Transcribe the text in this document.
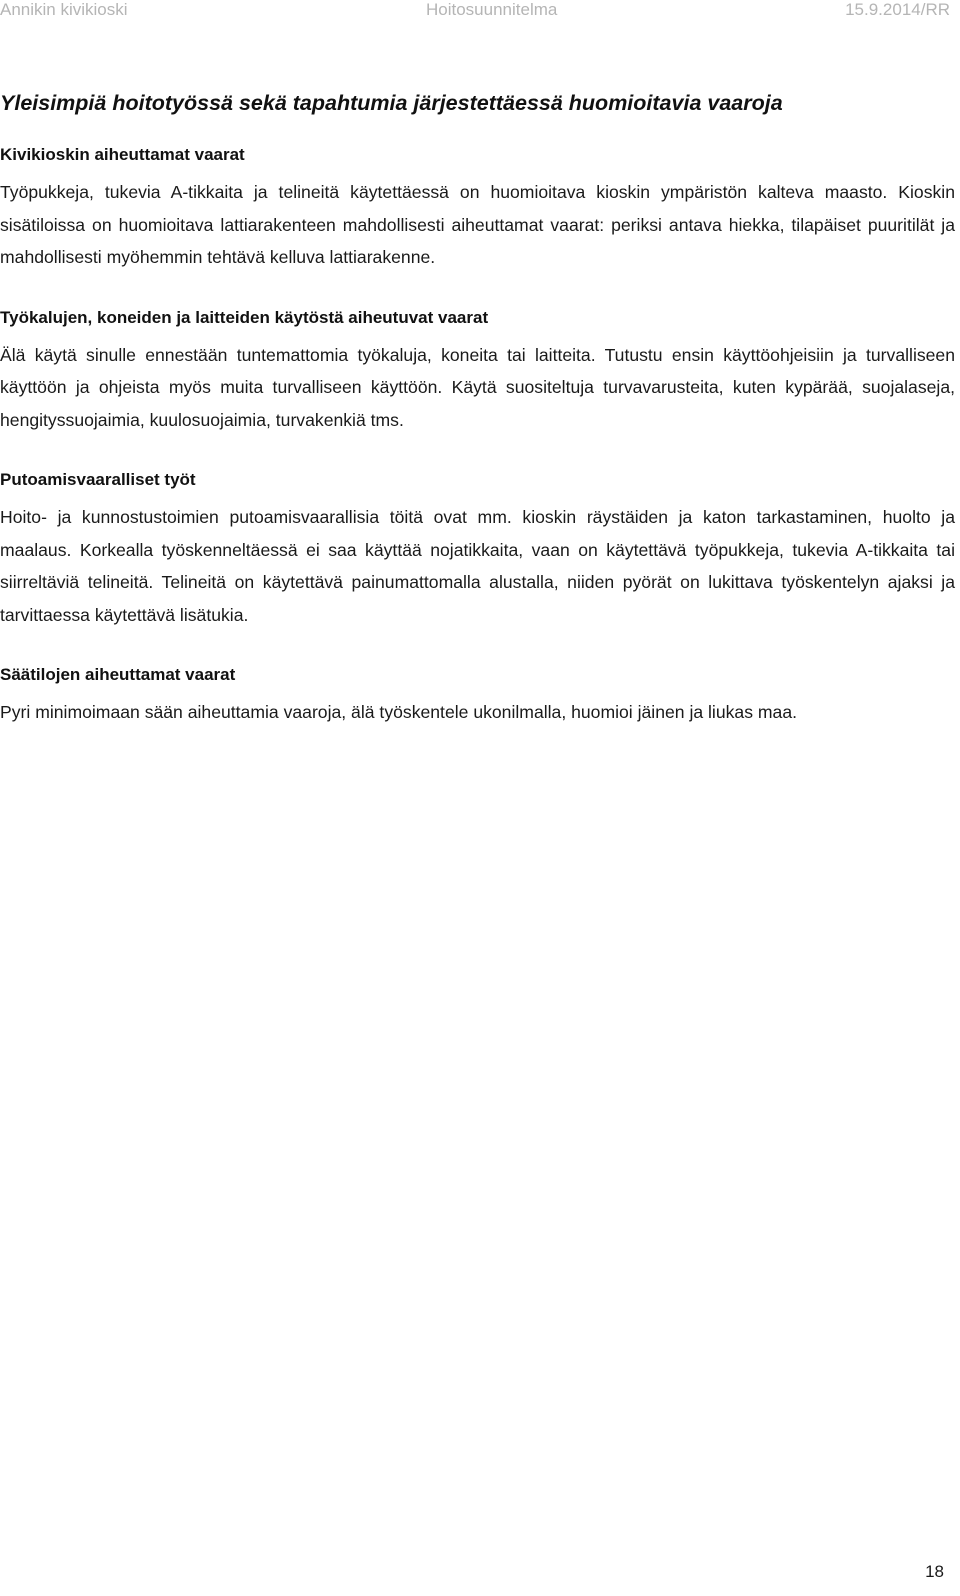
Annikin kivikioski	Hoitosuunnitelma	15.9.2014/RR
Yleisimpiä hoitotyössä sekä tapahtumia järjestettäessä huomioitavia vaaroja
Kivikioskin aiheuttamat vaarat

Työpukkeja, tukevia A-tikkaita ja telineitä käytettäessä on huomioitava kioskin ympäristön kalteva maasto. Kioskin sisätiloissa on huomioitava lattiarakenteen mahdollisesti aiheuttamat vaarat: periksi antava hiekka, tilapäiset puuritilät ja mahdollisesti myöhemmin tehtävä kelluva lattiarakenne.

Työkalujen, koneiden ja laitteiden käytöstä aiheutuvat vaarat

Älä käytä sinulle ennestään tuntemattomia työkaluja, koneita tai laitteita. Tutustu ensin käyttöohjeisiin ja turvalliseen käyttöön ja ohjeista myös muita turvalliseen käyttöön. Käytä suositeltuja turvavarusteita, kuten kypärää, suojalaseja, hengityssuojaimia, kuulosuojaimia, turvakenkiä tms.

Putoamisvaaralliset työt

Hoito- ja kunnostustoimien putoamisvaarallisia töitä ovat mm. kioskin räystäiden ja katon tarkastaminen, huolto ja maalaus. Korkealla työskenneltäessä ei saa käyttää nojatikkaita, vaan on käytettävä työpukkeja, tukevia A-tikkaita tai siirreltäviä telineitä. Telineitä on käytettävä painumattomalla alustalla, niiden pyörät on lukittava työskentelyn ajaksi ja tarvittaessa käytettävä lisätukia.

Säätilojen aiheuttamat vaarat

Pyri minimoimaan sään aiheuttamia vaaroja, älä työskentele ukonilmalla, huomioi jäinen ja liukas maa.

18
